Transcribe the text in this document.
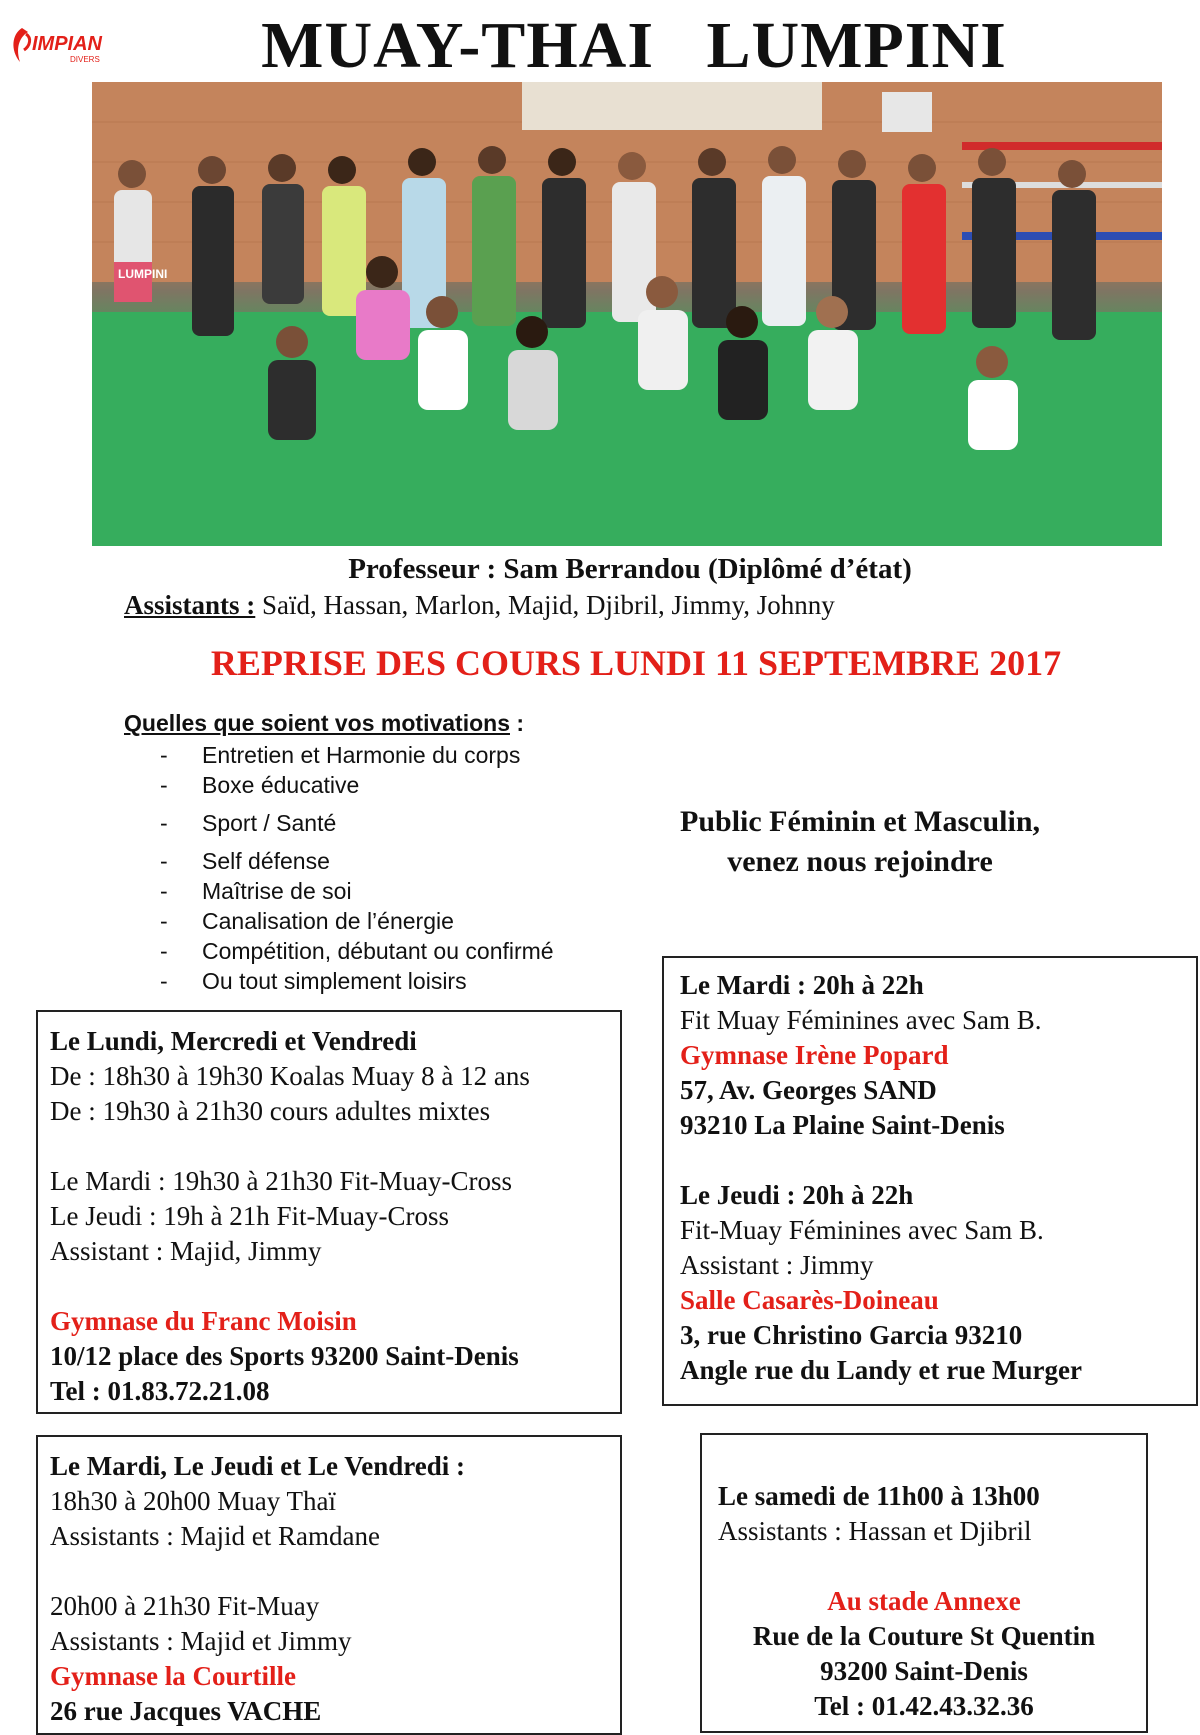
IMPIAN
DIVERS	MUAY-THAI   LUMPINI
LUMPINI
Professeur : Sam Berrandou (Diplômé d’état)
Assistants : Saïd, Hassan, Marlon, Majid, Djibril, Jimmy, Johnny
REPRISE DES COURS LUNDI 11 SEPTEMBRE 2017
Quelles que soient vos motivations :
- Entretien et Harmonie du corps
- Boxe éducative
- Sport / Santé
- Self défense
- Maîtrise de soi
- Canalisation de l’énergie
- Compétition, débutant ou confirmé
- Ou tout simplement loisirs
Public Féminin et Masculin,
venez nous rejoindre
Le Lundi, Mercredi et Vendredi
De : 18h30 à 19h30 Koalas Muay 8 à 12 ans
De : 19h30 à 21h30 cours adultes mixtes
Le Mardi : 19h30 à 21h30 Fit-Muay-Cross
Le Jeudi : 19h à 21h Fit-Muay-Cross
Assistant : Majid, Jimmy
Gymnase du Franc Moisin
10/12 place des Sports 93200 Saint-Denis
Tel : 01.83.72.21.08
Le Mardi : 20h à 22h
Fit Muay Féminines avec Sam B.
Gymnase Irène Popard
57, Av. Georges SAND
93210 La Plaine Saint-Denis
Le Jeudi : 20h à 22h
Fit-Muay Féminines avec Sam B.
Assistant : Jimmy
Salle Casarès-Doineau
3, rue Christino Garcia 93210
Angle rue du Landy et rue Murger
Le Mardi, Le Jeudi et Le Vendredi :
18h30 à 20h00 Muay Thaï
Assistants : Majid et Ramdane
20h00 à 21h30 Fit-Muay
Assistants : Majid et Jimmy
Gymnase la Courtille
26 rue Jacques VACHE
Le samedi de 11h00 à 13h00
Assistants : Hassan et Djibril
Au stade Annexe
Rue de la Couture St Quentin
93200 Saint-Denis
Tel : 01.42.43.32.36
